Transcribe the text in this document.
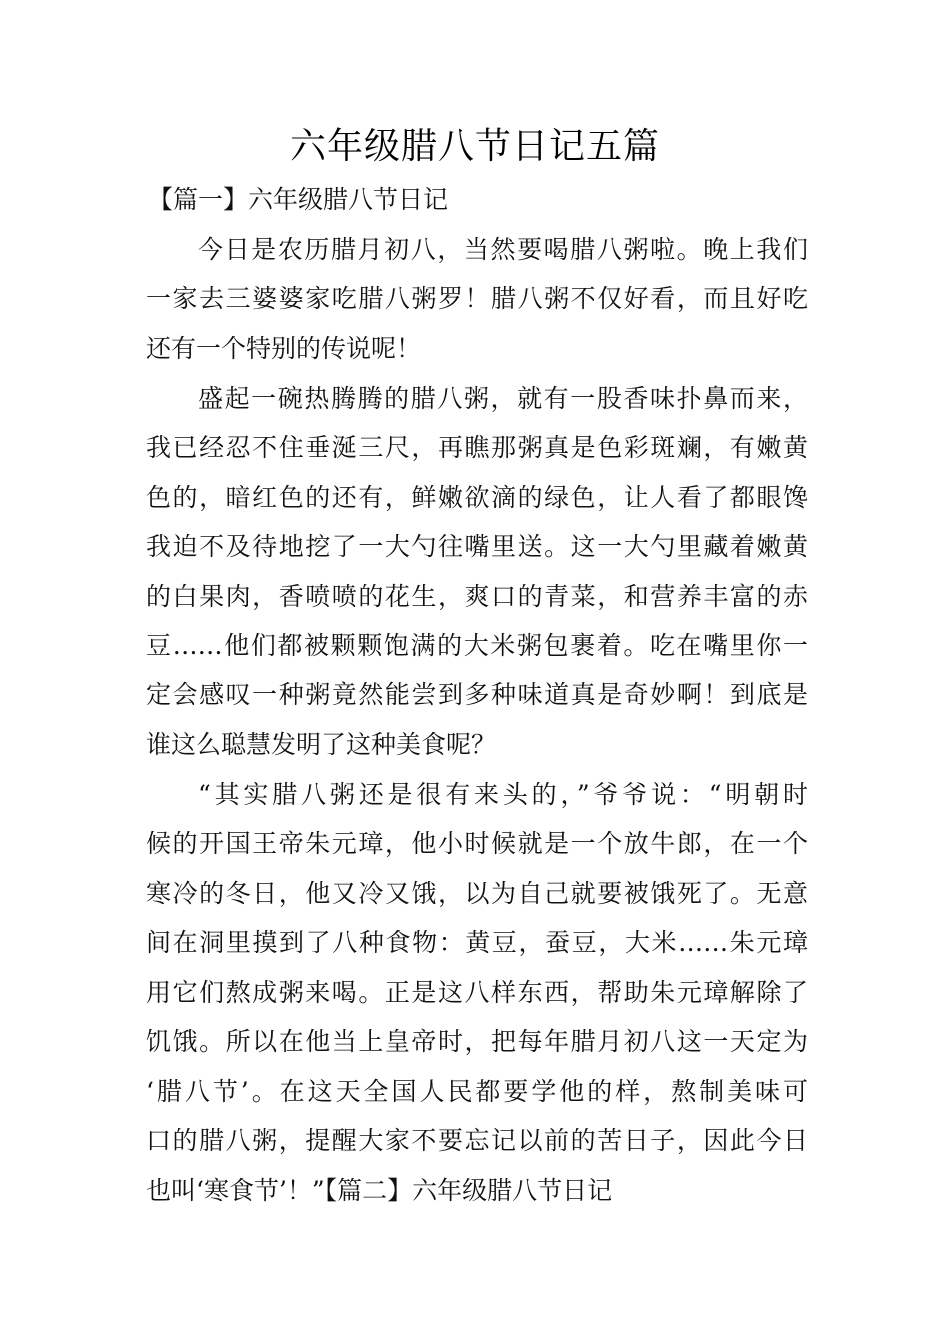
六年级腊八节日记五篇
【篇一】六年级腊八节日记
今日是农历腊月初八，当然要喝腊八粥啦。晚上我们
一家去三婆婆家吃腊八粥罗！腊八粥不仅好看，而且好吃
还有一个特别的传说呢！
盛起一碗热腾腾的腊八粥，就有一股香味扑鼻而来，
我已经忍不住垂涎三尺，再瞧那粥真是色彩斑斓，有嫩黄
色的，暗红色的还有，鲜嫩欲滴的绿色，让人看了都眼馋
我迫不及待地挖了一大勺往嘴里送。这一大勺里藏着嫩黄
的白果肉，香喷喷的花生，爽口的青菜，和营养丰富的赤
豆……他们都被颗颗饱满的大米粥包裹着。吃在嘴里你一
定会感叹一种粥竟然能尝到多种味道真是奇妙啊！到底是
谁这么聪慧发明了这种美食呢？
“其实腊八粥还是很有来头的，”爷爷说：“明朝时
候的开国王帝朱元璋，他小时候就是一个放牛郎，在一个
寒冷的冬日，他又冷又饿，以为自己就要被饿死了。无意
间在洞里摸到了八种食物：黄豆，蚕豆，大米……朱元璋
用它们熬成粥来喝。正是这八样东西，帮助朱元璋解除了
饥饿。所以在他当上皇帝时，把每年腊月初八这一天定为
‘腊八节’。在这天全国人民都要学他的样，熬制美味可
口的腊八粥，提醒大家不要忘记以前的苦日子，因此今日
也叫‘寒食节’！”【篇二】六年级腊八节日记
